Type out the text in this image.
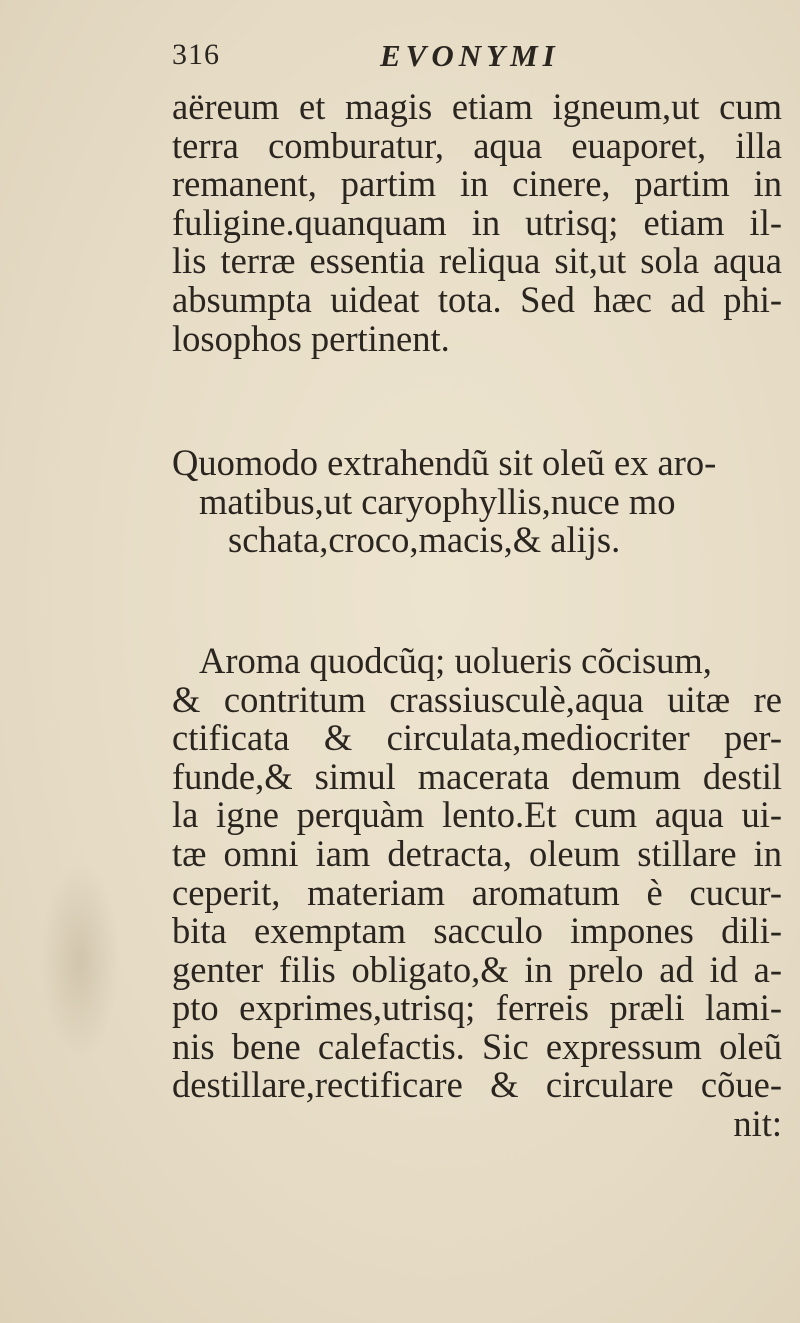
316	EVONYMI
aëreum et magis etiam igneum,ut cum
terra comburatur, aqua euaporet, illa
remanent, partim in cinere, partim in
fuligine.quanquam in utrisq; etiam il-
lis terræ essentia reliqua sit,ut sola aqua
absumpta uideat tota. Sed hæc ad phi-
losophos pertinent.
Quomodo extrahendũ sit oleũ ex aro-
matibus,ut caryophyllis,nuce mo
schata,croco,macis,& alijs.
Aroma quodcũq; uolueris cõcisum,
& contritum crassiusculè,aqua uitæ re
ctificata & circulata,mediocriter per-
funde,& simul macerata demum destil
la igne perquàm lento.Et cum aqua ui-
tæ omni iam detracta, oleum stillare in
ceperit, materiam aromatum è cucur-
bita exemptam sacculo impones dili-
genter filis obligato,& in prelo ad id a-
pto exprimes,utrisq; ferreis præli lami-
nis bene calefactis. Sic expressum oleũ
destillare,rectificare & circulare cõue-
nit:
